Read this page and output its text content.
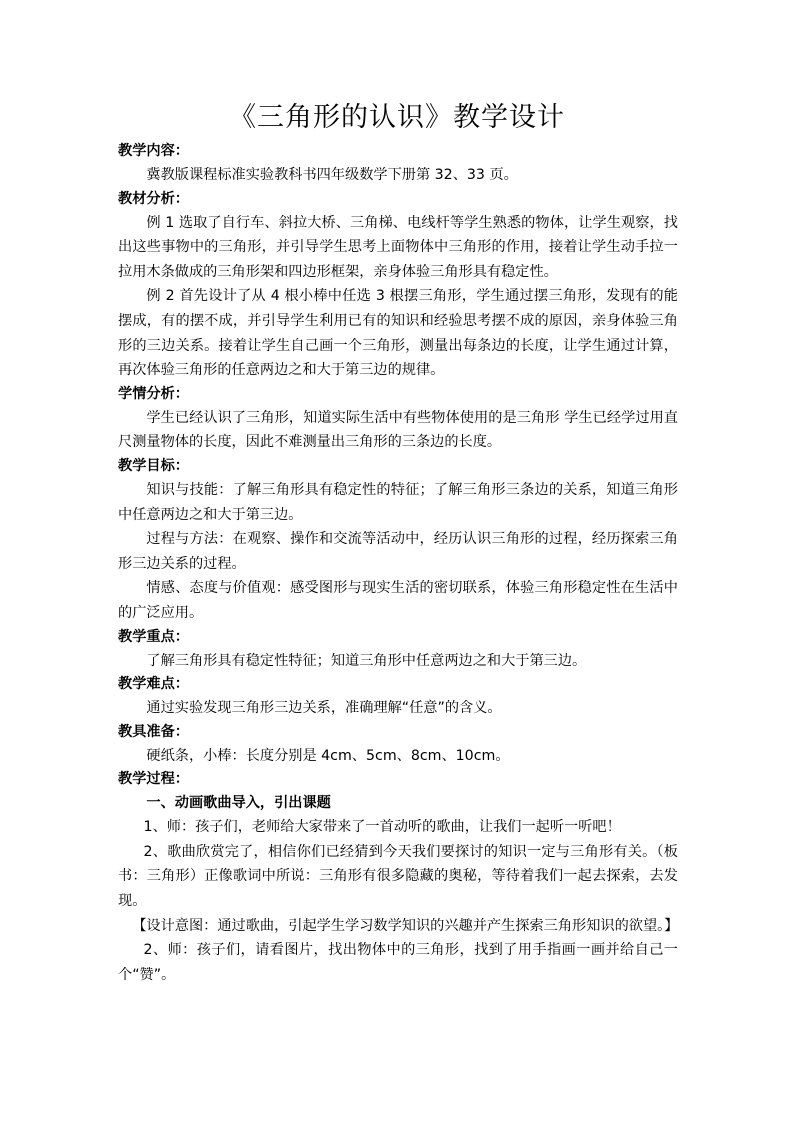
《三角形的认识》教学设计
教学内容：

冀教版课程标准实验教科书四年级数学下册第 32、33 页。

教材分析：

例 1 选取了自行车、斜拉大桥、三角梯、电线杆等学生熟悉的物体，让学生观察，找出这些事物中的三角形，并引导学生思考上面物体中三角形的作用，接着让学生动手拉一拉用木条做成的三角形架和四边形框架，亲身体验三角形具有稳定性。

例 2 首先设计了从 4 根小棒中任选 3 根摆三角形，学生通过摆三角形，发现有的能摆成，有的摆不成，并引导学生利用已有的知识和经验思考摆不成的原因，亲身体验三角形的三边关系。接着让学生自己画一个三角形，测量出每条边的长度，让学生通过计算，再次体验三角形的任意两边之和大于第三边的规律。

学情分析：

学生已经认识了三角形，知道实际生活中有些物体使用的是三角形 学生已经学过用直尺测量物体的长度，因此不难测量出三角形的三条边的长度。

教学目标：

知识与技能：了解三角形具有稳定性的特征；了解三角形三条边的关系，知道三角形中任意两边之和大于第三边。

过程与方法：在观察、操作和交流等活动中，经历认识三角形的过程，经历探索三角形三边关系的过程。

情感、态度与价值观：感受图形与现实生活的密切联系，体验三角形稳定性在生活中的广泛应用。

教学重点：

了解三角形具有稳定性特征；知道三角形中任意两边之和大于第三边。

教学难点：

通过实验发现三角形三边关系，准确理解“任意”的含义。

教具准备：

硬纸条，小棒：长度分别是 4cm、5cm、8cm、10cm。

教学过程：

一、动画歌曲导入，引出课题

1、师：孩子们，老师给大家带来了一首动听的歌曲，让我们一起听一听吧！

2、歌曲欣赏完了，相信你们已经猜到今天我们要探讨的知识一定与三角形有关。（板书：三角形）正像歌词中所说：三角形有很多隐藏的奥秘，等待着我们一起去探索，去发现。

【设计意图：通过歌曲，引起学生学习数学知识的兴趣并产生探索三角形知识的欲望。】

2、师：孩子们，请看图片，找出物体中的三角形，找到了用手指画一画并给自己一个“赞”。
